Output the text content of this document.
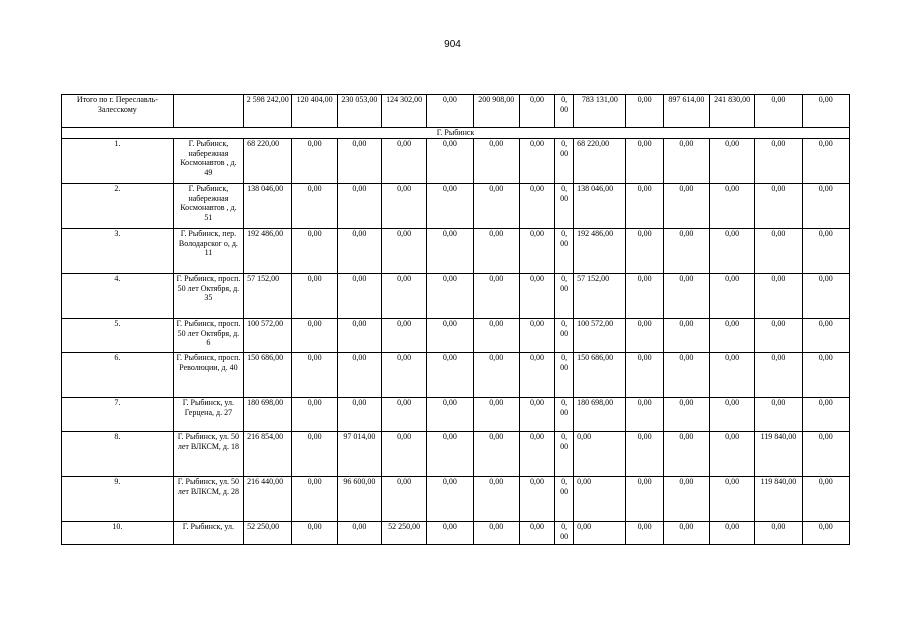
904
Итого по г. Переславль-Залесскому		2 598 242,00	120 404,00	230 053,00	124 302,00	0,00	200 908,00	0,00	0, 00	783 131,00	0,00	897 614,00	241 830,00	0,00	0,00
Г. Рыбинск															
1.	Г. Рыбинск, набережная Космонавтов , д. 49	68 220,00	0,00	0,00	0,00	0,00	0,00	0,00	0, 00	68 220,00	0,00	0,00	0,00	0,00	0,00
2.	Г. Рыбинск, набережная Космонавтов , д. 51	138 046,00	0,00	0,00	0,00	0,00	0,00	0,00	0, 00	138 046,00	0,00	0,00	0,00	0,00	0,00
3.	Г. Рыбинск, пер. Володарског о, д. 11	192 486,00	0,00	0,00	0,00	0,00	0,00	0,00	0, 00	192 486,00	0,00	0,00	0,00	0,00	0,00
4.	Г. Рыбинск, просп. 50 лет Октября, д. 35	57 152,00	0,00	0,00	0,00	0,00	0,00	0,00	0, 00	57 152,00	0,00	0,00	0,00	0,00	0,00
5.	Г. Рыбинск, просп. 50 лет Октября, д. 6	100 572,00	0,00	0,00	0,00	0,00	0,00	0,00	0, 00	100 572,00	0,00	0,00	0,00	0,00	0,00
6.	Г. Рыбинск, просп. Революции, д. 40	150 686,00	0,00	0,00	0,00	0,00	0,00	0,00	0, 00	150 686,00	0,00	0,00	0,00	0,00	0,00
7.	Г. Рыбинск, ул. Герцена, д. 27	180 698,00	0,00	0,00	0,00	0,00	0,00	0,00	0, 00	180 698,00	0,00	0,00	0,00	0,00	0,00
8.	Г. Рыбинск, ул. 50 лет ВЛКСМ, д. 18	216 854,00	0,00	97 014,00	0,00	0,00	0,00	0,00	0, 00	0,00	0,00	0,00	0,00	119 840,00	0,00
9.	Г. Рыбинск, ул. 50 лет ВЛКСМ, д. 28	216 440,00	0,00	96 600,00	0,00	0,00	0,00	0,00	0, 00	0,00	0,00	0,00	0,00	119 840,00	0,00
10.	Г. Рыбинск, ул.	52 250,00	0,00	0,00	52 250,00	0,00	0,00	0,00	0, 00	0,00	0,00	0,00	0,00	0,00	0,00
